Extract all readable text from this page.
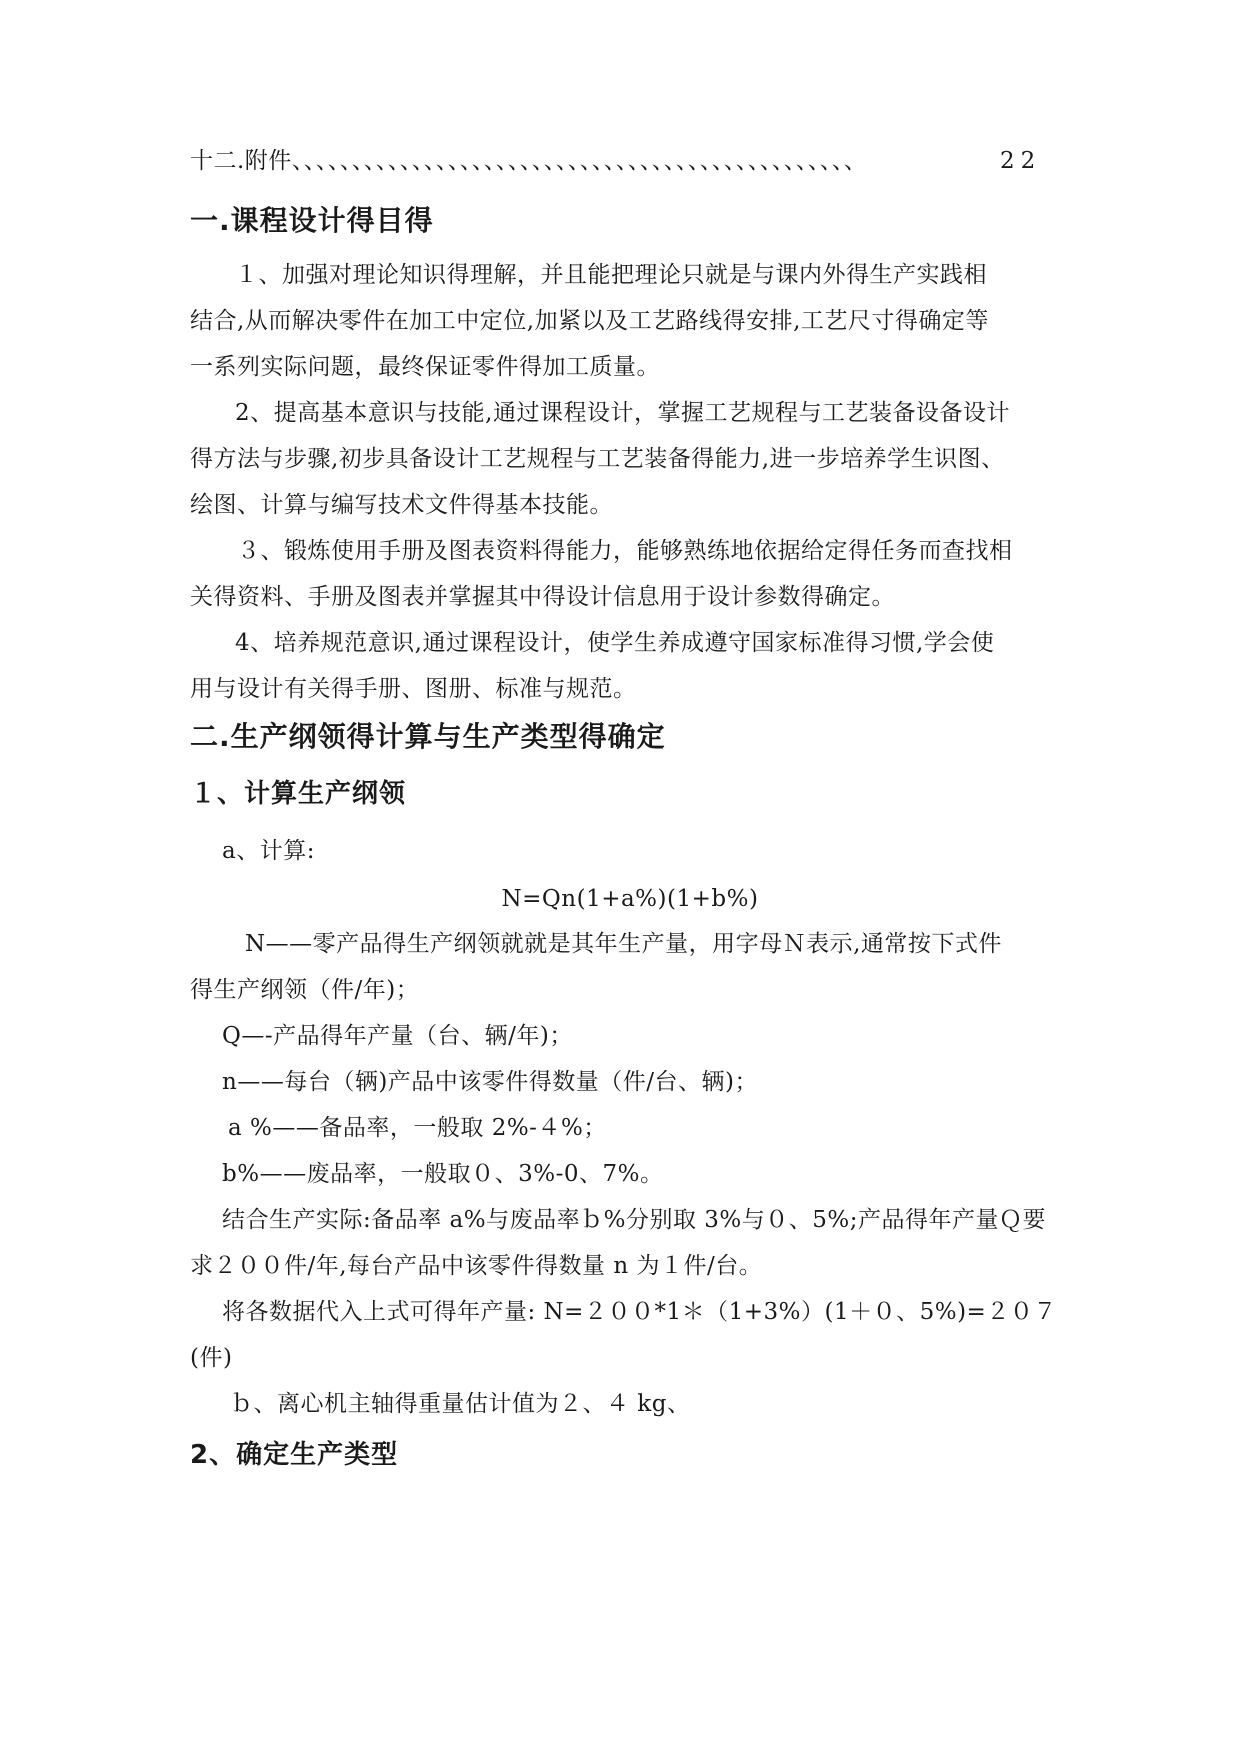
十二.附件、、、、、、、、、、、、、、、、、、、、、、、、、、、、、、、、、、、、、、、、、、、、、、、	22
一.课程设计得目得
１、加强对理论知识得理解，并且能把理论只就是与课内外得生产实践相
结合,从而解决零件在加工中定位,加紧以及工艺路线得安排,工艺尺寸得确定等
一系列实际问题，最终保证零件得加工质量。
2、提高基本意识与技能,通过课程设计，掌握工艺规程与工艺装备设备设计
得方法与步骤,初步具备设计工艺规程与工艺装备得能力,进一步培养学生识图、
绘图、计算与编写技术文件得基本技能。
３、锻炼使用手册及图表资料得能力，能够熟练地依据给定得任务而查找相
关得资料、手册及图表并掌握其中得设计信息用于设计参数得确定。
4、培养规范意识,通过课程设计，使学生养成遵守国家标准得习惯,学会使
用与设计有关得手册、图册、标准与规范。
二.生产纲领得计算与生产类型得确定
１、计算生产纲领
a、计算:
N=Qn(1+a%)(1+b%)
N——零产品得生产纲领就就是其年生产量，用字母Ｎ表示,通常按下式件
得生产纲领（件/年)；
Q—-产品得年产量（台、辆/年)；
n——每台（辆)产品中该零件得数量（件/台、辆)；
a %——备品率，一般取 2%-４%；
b%——废品率，一般取０、3%-0、7%。
结合生产实际:备品率 a%与废品率ｂ%分别取 3%与０、5%;产品得年产量Ｑ要
求２００件/年,每台产品中该零件得数量 n 为１件/台。
将各数据代入上式可得年产量: N=２００*1＊（1+3%）(1＋０、5%)=２０７
(件)
ｂ、离心机主轴得重量估计值为２、４ kg、
2、确定生产类型
